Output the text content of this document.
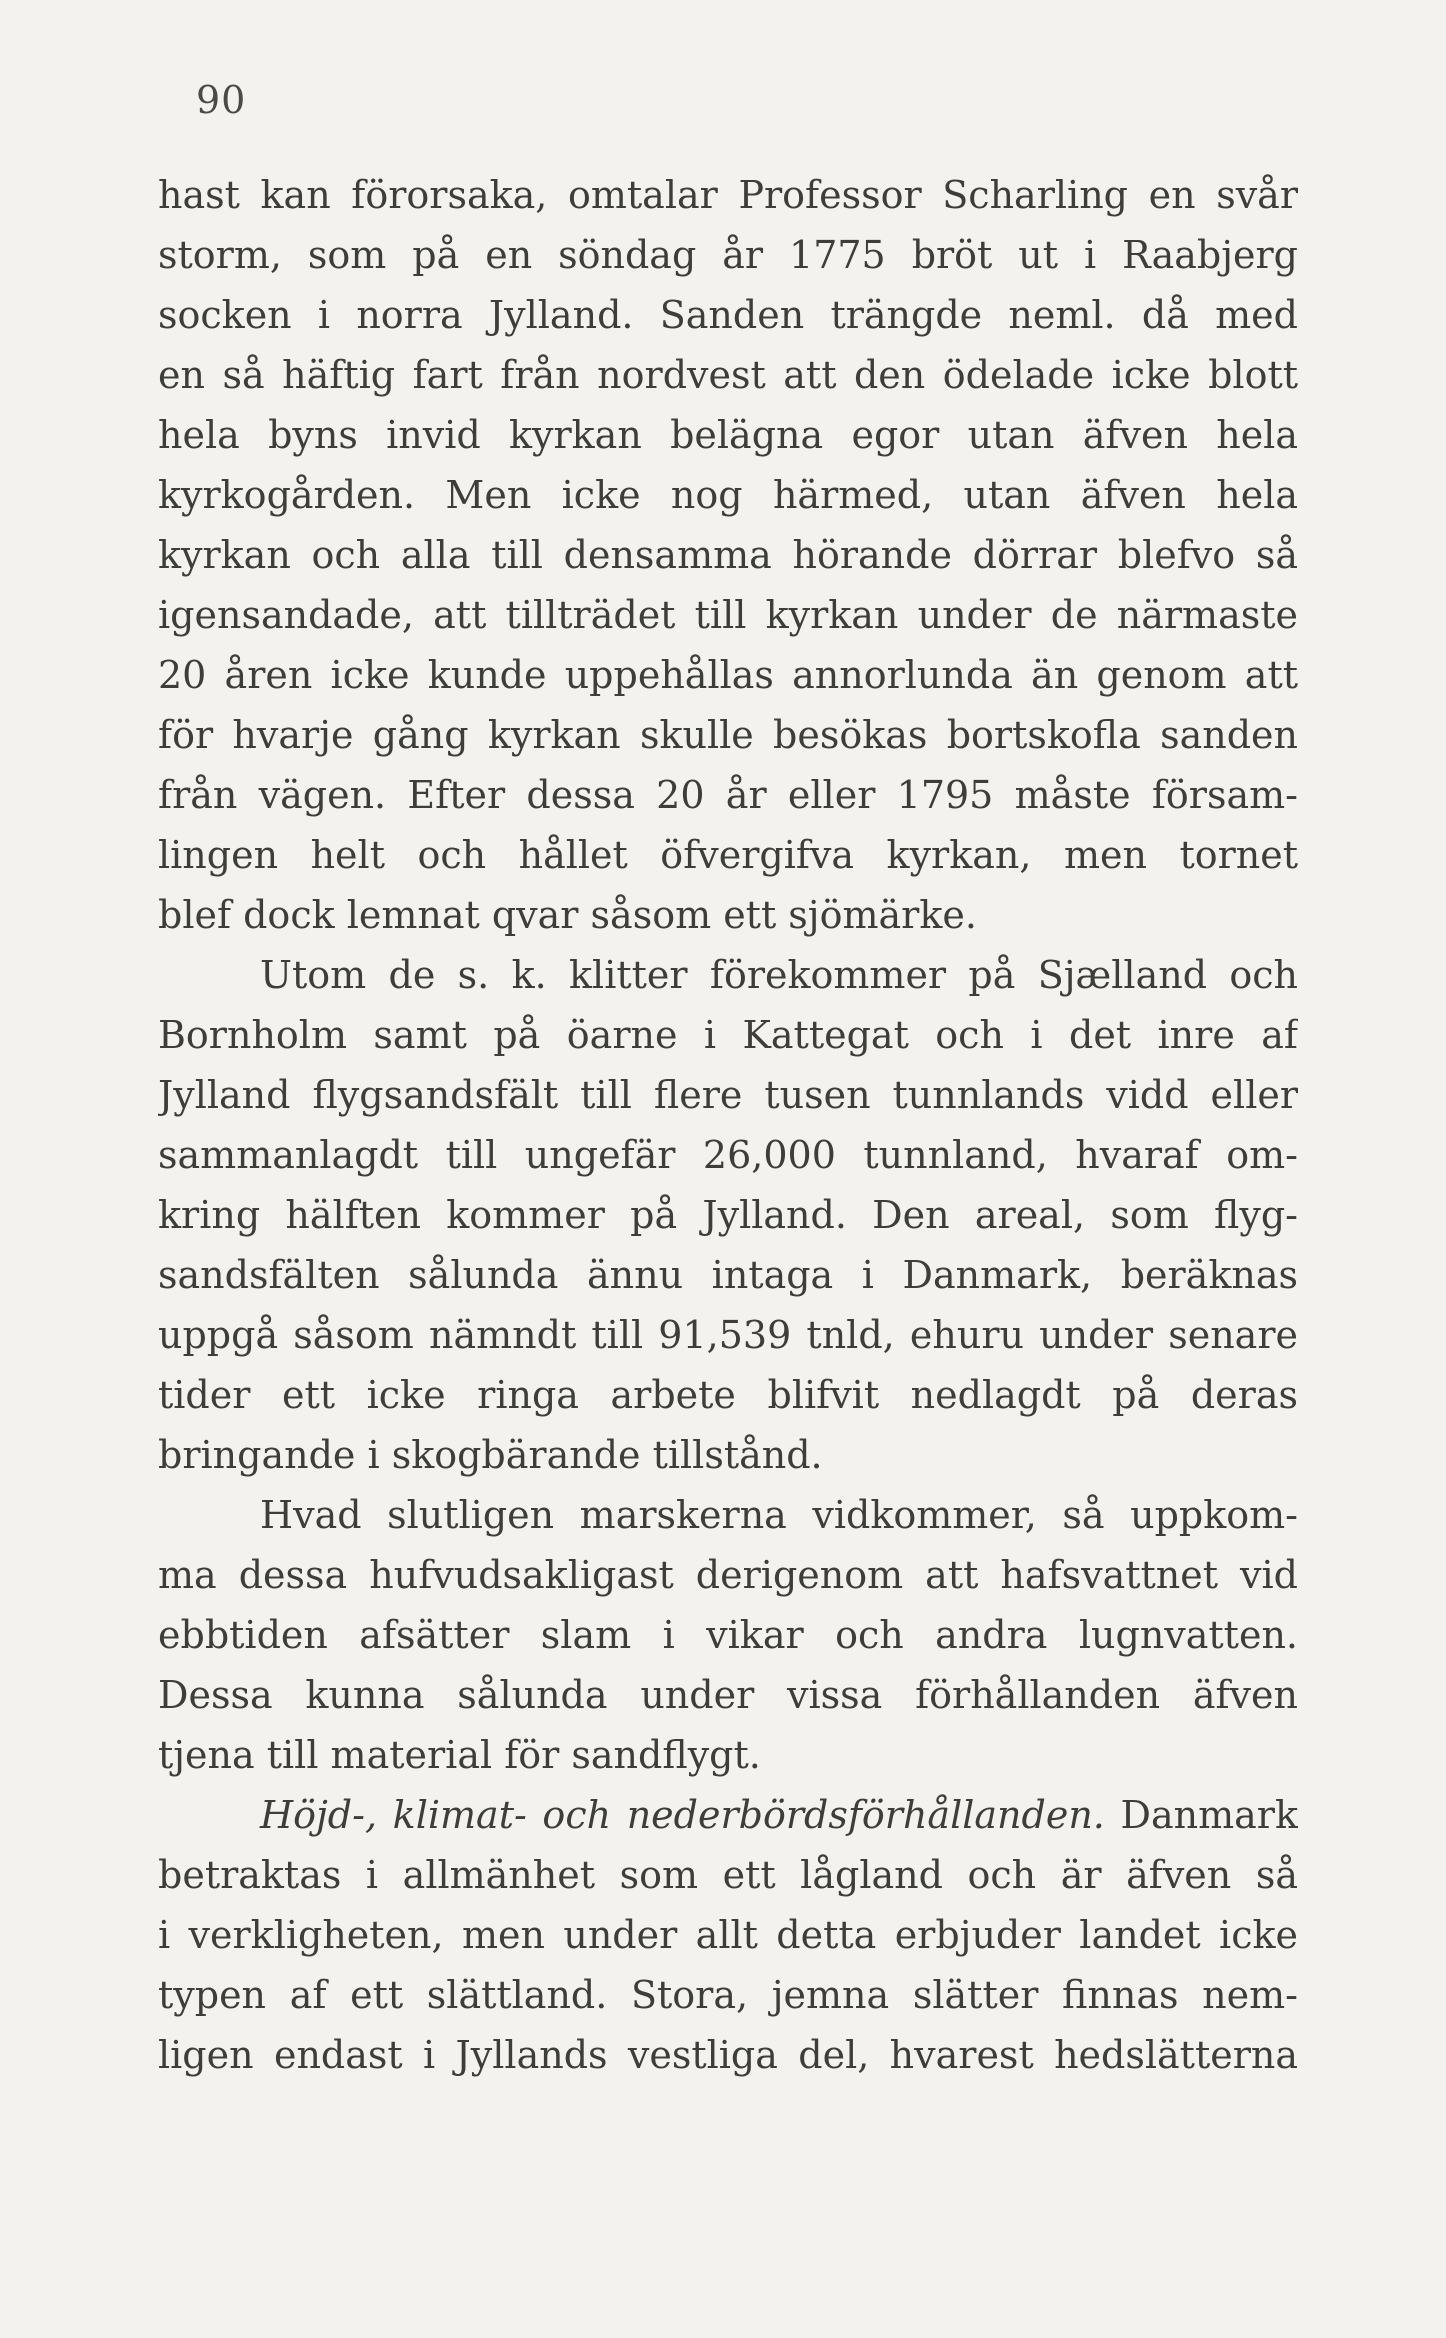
90
hast kan förorsaka, omtalar Professor Scharling en svår
storm, som på en söndag år 1775 bröt ut i Raabjerg
socken i norra Jylland. Sanden trängde neml. då med
en så häftig fart från nordvest att den ödelade icke blott
hela byns invid kyrkan belägna egor utan äfven hela
kyrkogården. Men icke nog härmed, utan äfven hela
kyrkan och alla till densamma hörande dörrar blefvo så
igensandade, att tillträdet till kyrkan under de närmaste
20 åren icke kunde uppehållas annorlunda än genom att
för hvarje gång kyrkan skulle besökas bortskofla sanden
från vägen. Efter dessa 20 år eller 1795 måste försam-
lingen helt och hållet öfvergifva kyrkan, men tornet
blef dock lemnat qvar såsom ett sjömärke.
Utom de s. k. klitter förekommer på Sjælland och
Bornholm samt på öarne i Kattegat och i det inre af
Jylland flygsandsfält till flere tusen tunnlands vidd eller
sammanlagdt till ungefär 26,000 tunnland, hvaraf om-
kring hälften kommer på Jylland. Den areal, som flyg-
sandsfälten sålunda ännu intaga i Danmark, beräknas
uppgå såsom nämndt till 91,539 tnld, ehuru under senare
tider ett icke ringa arbete blifvit nedlagdt på deras
bringande i skogbärande tillstånd.
Hvad slutligen marskerna vidkommer, så uppkom-
ma dessa hufvudsakligast derigenom att hafsvattnet vid
ebbtiden afsätter slam i vikar och andra lugnvatten.
Dessa kunna sålunda under vissa förhållanden äfven
tjena till material för sandflygt.
Höjd-, klimat- och nederbördsförhållanden. Danmark
betraktas i allmänhet som ett lågland och är äfven så
i verkligheten, men under allt detta erbjuder landet icke
typen af ett slättland. Stora, jemna slätter finnas nem-
ligen endast i Jyllands vestliga del, hvarest hedslätterna
